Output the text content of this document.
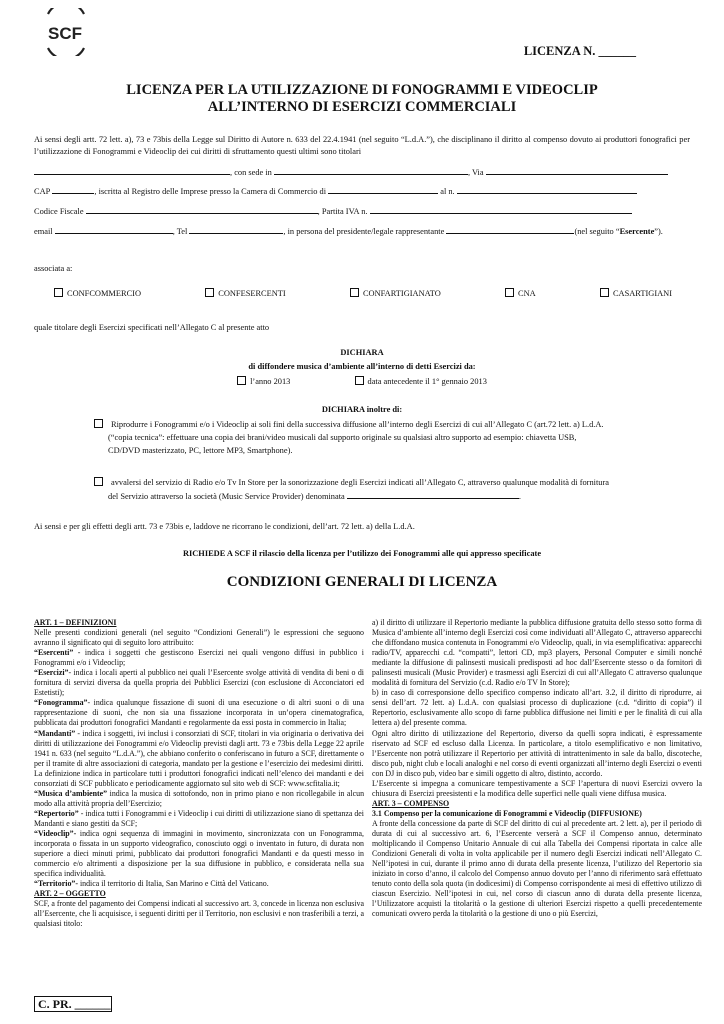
SCF
LICENZA N. ______
LICENZA PER LA UTILIZZAZIONE DI FONOGRAMMI E VIDEOCLIP
ALL’INTERNO DI ESERCIZI COMMERCIALI
Ai sensi degli artt. 72 lett. a), 73 e 73bis della Legge sul Diritto di Autore n. 633 del 22.4.1941 (nel seguito “L.d.A.”), che disciplinano il diritto al compenso dovuto ai produttori fonografici per l’utilizzazione di Fonogrammi e Videoclip dei cui diritti di sfruttamento questi ultimi sono titolari
, con sede in	, Via
CAP	, iscritta al Registro delle Imprese presso la Camera di Commercio di	al n.
Codice Fiscale	, Partita IVA n.
email	, Tel	, in persona del presidente/legale rappresentante	(nel seguito “Esercente”).
associata a:
CONFCOMMERCIO	CONFESERCENTI	CONFARTIGIANATO	CNA	CASARTIGIANI
quale titolare degli Esercizi specificati nell’Allegato C al presente atto
DICHIARA
di diffondere musica d’ambiente all’interno di detti Esercizi da:
l’anno 2013	data antecedente il 1° gennaio 2013
DICHIARA inoltre di:
Riprodurre i Fonogrammi e/o i Videoclip ai soli fini della successiva diffusione all’interno degli Esercizi di cui all’Allegato C (art.72 lett. a) L.d.A.
(“copia tecnica”: effettuare una copia dei brani/video musicali dal supporto originale su qualsiasi altro supporto ad esempio: chiavetta USB,
CD/DVD masterizzato, PC, lettore MP3, Smartphone).
avvalersi del servizio di Radio e/o Tv In Store per la sonorizzazione degli Esercizi indicati all’Allegato C, attraverso qualunque modalità di fornitura
del Servizio attraverso la società (Music Service Provider) denominata	.
Ai sensi e per gli effetti degli artt. 73 e 73bis e, laddove ne ricorrano le condizioni, dell’art. 72 lett. a) della L.d.A.
RICHIEDE A SCF il rilascio della licenza per l’utilizzo dei Fonogrammi alle qui appresso specificate
CONDIZIONI GENERALI DI LICENZA

ART. 1 – DEFINIZIONI

Nelle presenti condizioni generali (nel seguito “Condizioni Generali”) le espressioni che seguono avranno il significato qui di seguito loro attribuito:

“Esercenti” - indica i soggetti che gestiscono Esercizi nei quali vengono diffusi in pubblico i Fonogrammi e/o i Videoclip;

“Esercizi”- indica i locali aperti al pubblico nei quali l’Esercente svolge attività di vendita di beni o di fornitura di servizi diversa da quella propria dei Pubblici Esercizi (con esclusione di Acconciatori ed Estetisti);

“Fonogramma”- indica qualunque fissazione di suoni di una esecuzione o di altri suoni o di una rappresentazione di suoni, che non sia una fissazione incorporata in un’opera cinematografica, pubblicata dai produttori fonografici Mandanti e regolarmente da essi posta in commercio in Italia;

“Mandanti” - indica i soggetti, ivi inclusi i consorziati di SCF, titolari in via originaria o derivativa dei diritti di utilizzazione dei Fonogrammi e/o Videoclip previsti dagli artt. 73 e 73bis della Legge 22 aprile 1941 n. 633 (nel seguito “L.d.A.”), che abbiano conferito o conferiscano in futuro a SCF, direttamente o per il tramite di altre associazioni di categoria, mandato per la gestione e l’esercizio dei medesimi diritti.

La definizione indica in particolare tutti i produttori fonografici indicati nell’elenco dei mandanti e dei consorziati di SCF pubblicato e periodicamente aggiornato sul sito web di SCF: www.scfitalia.it;

“Musica d’ambiente” indica la musica di sottofondo, non in primo piano e non ricollegabile in alcun modo alla attività propria dell’Esercizio;

“Repertorio” - indica tutti i Fonogrammi e i Videoclip i cui diritti di utilizzazione siano di spettanza dei Mandanti e siano gestiti da SCF;

“Videoclip”- indica ogni sequenza di immagini in movimento, sincronizzata con un Fonogramma, incorporata o fissata in un supporto videografico, conosciuto oggi o inventato in futuro, di durata non superiore a dieci minuti primi, pubblicato dai produttori fonografici Mandanti e da questi messo in commercio e/o altrimenti a disposizione per la sua diffusione in pubblico, e considerata nella sua specifica individualità.

“Territorio”- indica il territorio di Italia, San Marino e Città del Vaticano.

ART. 2 – OGGETTO

SCF, a fronte del pagamento dei Compensi indicati al successivo art. 3, concede in licenza non esclusiva all’Esercente, che li acquisisce, i seguenti diritti per il Territorio, non esclusivi e non trasferibili a terzi, a qualsiasi titolo:

a) il diritto di utilizzare il Repertorio mediante la pubblica diffusione gratuita dello stesso sotto forma di Musica d’ambiente all’interno degli Esercizi così come individuati all’Allegato C, attraverso apparecchi che diffondano musica contenuta in Fonogrammi e/o Videoclip, quali, in via esemplificativa: apparecchi radio/TV, apparecchi c.d. “compatti”, lettori CD, mp3 players, Personal Computer e simili nonché mediante la diffusione di palinsesti musicali predisposti ad hoc dall’Esercente stesso o da fornitori di palinsesti musicali (Music Provider) e trasmessi agli Esercizi di cui all’Allegato C attraverso qualunque modalità di fornitura del Servizio (c.d. Radio e/o TV In Store);

b) in caso di corresponsione dello specifico compenso indicato all’art. 3.2, il diritto di riprodurre, ai sensi dell’art. 72 lett. a) L.d.A. con qualsiasi processo di duplicazione (c.d. “diritto di copia”) il Repertorio, esclusivamente allo scopo di farne pubblica diffusione nei limiti e per le finalità di cui alla lettera a) del presente comma.

Ogni altro diritto di utilizzazione del Repertorio, diverso da quelli sopra indicati, è espressamente riservato ad SCF ed escluso dalla Licenza. In particolare, a titolo esemplificativo e non limitativo, l’Esercente non potrà utilizzare il Repertorio per attività di intrattenimento in sale da ballo, discoteche, disco pub, night club e locali analoghi e nel corso di eventi organizzati all’interno degli Esercizi o eventi con DJ in disco pub, video bar e simili oggetto di altro, distinto, accordo.

L’Esercente si impegna a comunicare tempestivamente a SCF l’apertura di nuovi Esercizi ovvero la chiusura di Esercizi preesistenti e la modifica delle superfici nelle quali viene diffusa musica.

ART. 3 – COMPENSO

3.1 Compenso per la comunicazione di Fonogrammi e Videoclip (DIFFUSIONE)

A fronte della concessione da parte di SCF del diritto di cui al precedente art. 2 lett. a), per il periodo di durata di cui al successivo art. 6, l’Esercente verserà a SCF il Compenso annuo, determinato moltiplicando il Compenso Unitario Annuale di cui alla Tabella dei Compensi riportata in calce alle Condizioni Generali di volta in volta applicabile per il numero degli Esercizi indicati nell’Allegato C. Nell’ipotesi in cui, durante il primo anno di durata della presente licenza, l’utilizzo del Repertorio sia iniziato in corso d’anno, il calcolo del Compenso annuo dovuto per l’anno di riferimento sarà effettuato tenuto conto della sola quota (in dodicesimi) di Compenso corrispondente ai mesi di effettivo utilizzo di ciascun Esercizio. Nell’ipotesi in cui, nel corso di ciascun anno di durata della presente licenza, l’Utilizzatore acquisti la titolarità o la gestione di ulteriori Esercizi rispetto a quelli precedentemente comunicati ovvero perda la titolarità o la gestione di uno o più Esercizi,

C. PR. ______
